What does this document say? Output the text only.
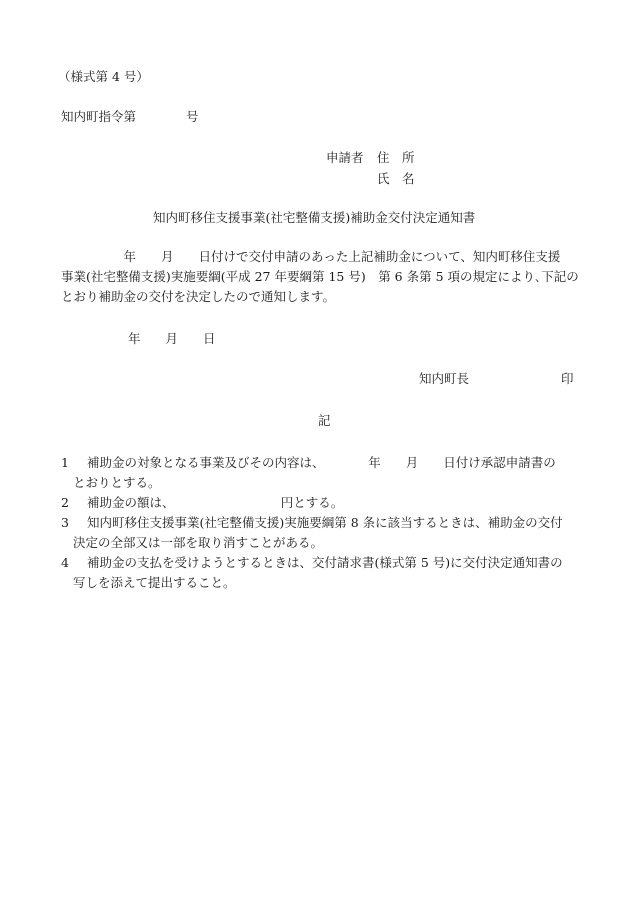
（様式第 4 号）
知内町指令第　　　　号
申請者 住　所
氏　名
知内町移住支援事業(社宅整備支援)補助金交付決定通知書
　　　　　年　　月　　日付けで交付申請のあった上記補助金について、知内町移住支援
事業(社宅整備支援)実施要綱(平成 27 年要綱第 15 号)　第 6 条第 5 項の規定により､下記の
とおり補助金の交付を決定したので通知します。
年　　月　　日
知内町長	印
記
1 補助金の対象となる事業及びその内容は、　　　　年　　月　　日付け承認申請書の
とおりとする。
2 補助金の額は、　　　　　　　　　円とする。
3 知内町移住支援事業(社宅整備支援)実施要綱第 8 条に該当するときは、補助金の交付
決定の全部又は一部を取り消すことがある。
4 補助金の支払を受けようとするときは、交付請求書(様式第 5 号)に交付決定通知書の
写しを添えて提出すること。
